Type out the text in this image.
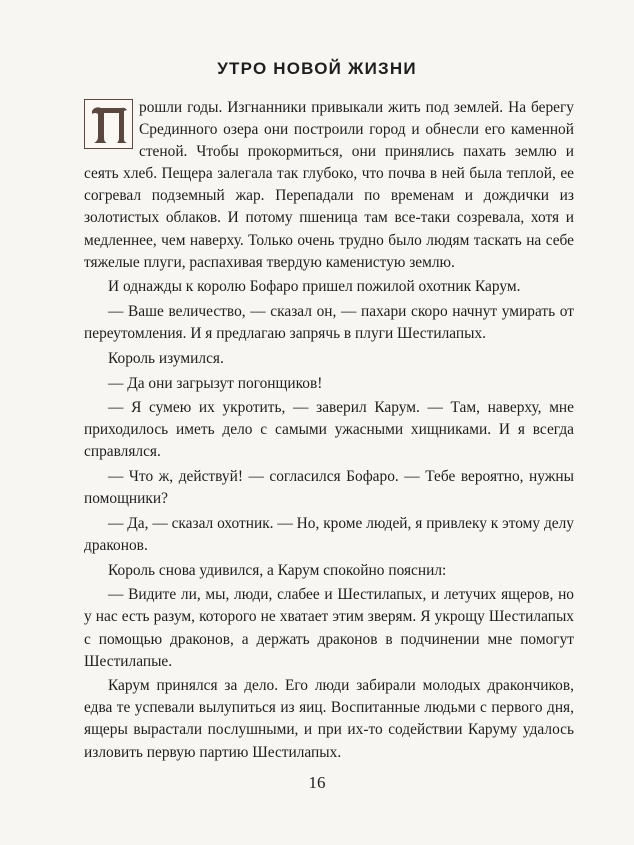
УТРО НОВОЙ ЖИЗНИ

рошли годы. Изгнанники привыкали жить под землей. На берегу Срединного озера они построили город и обнесли его каменной стеной. Чтобы прокормиться, они принялись пахать землю и сеять хлеб. Пещера залегала так глубоко, что почва в ней была теплой, ее согревал подземный жар. Перепадали по временам и дождички из золотистых облаков. И потому пшеница там все-таки созревала, хотя и медленнее, чем наверху. Только очень трудно было людям таскать на себе тяжелые плуги, распахивая твердую каменистую землю.

И однажды к королю Бофаро пришел пожилой охотник Карум.

— Ваше величество, — сказал он, — пахари скоро начнут умирать от переутомления. И я предлагаю запрячь в плуги Шестилапых.

Король изумился.

— Да они загрызут погонщиков!

— Я сумею их укротить, — заверил Карум. — Там, наверху, мне приходилось иметь дело с самыми ужасными хищниками. И я всегда справлялся.

— Что ж, действуй! — согласился Бофаро. — Тебе вероятно, нужны помощники?

— Да, — сказал охотник. — Но, кроме людей, я привлеку к этому делу драконов.

Король снова удивился, а Карум спокойно пояснил:

— Видите ли, мы, люди, слабее и Шестилапых, и летучих ящеров, но у нас есть разум, которого не хватает этим зверям. Я укрощу Шестилапых с помощью драконов, а держать драконов в подчинении мне помогут Шестилапые.

Карум принялся за дело. Его люди забирали молодых дракончиков, едва те успевали вылупиться из яиц. Воспитанные людьми с первого дня, ящеры вырастали послушными, и при их-то содействии Каруму удалось изловить первую партию Шестилапых.

16
